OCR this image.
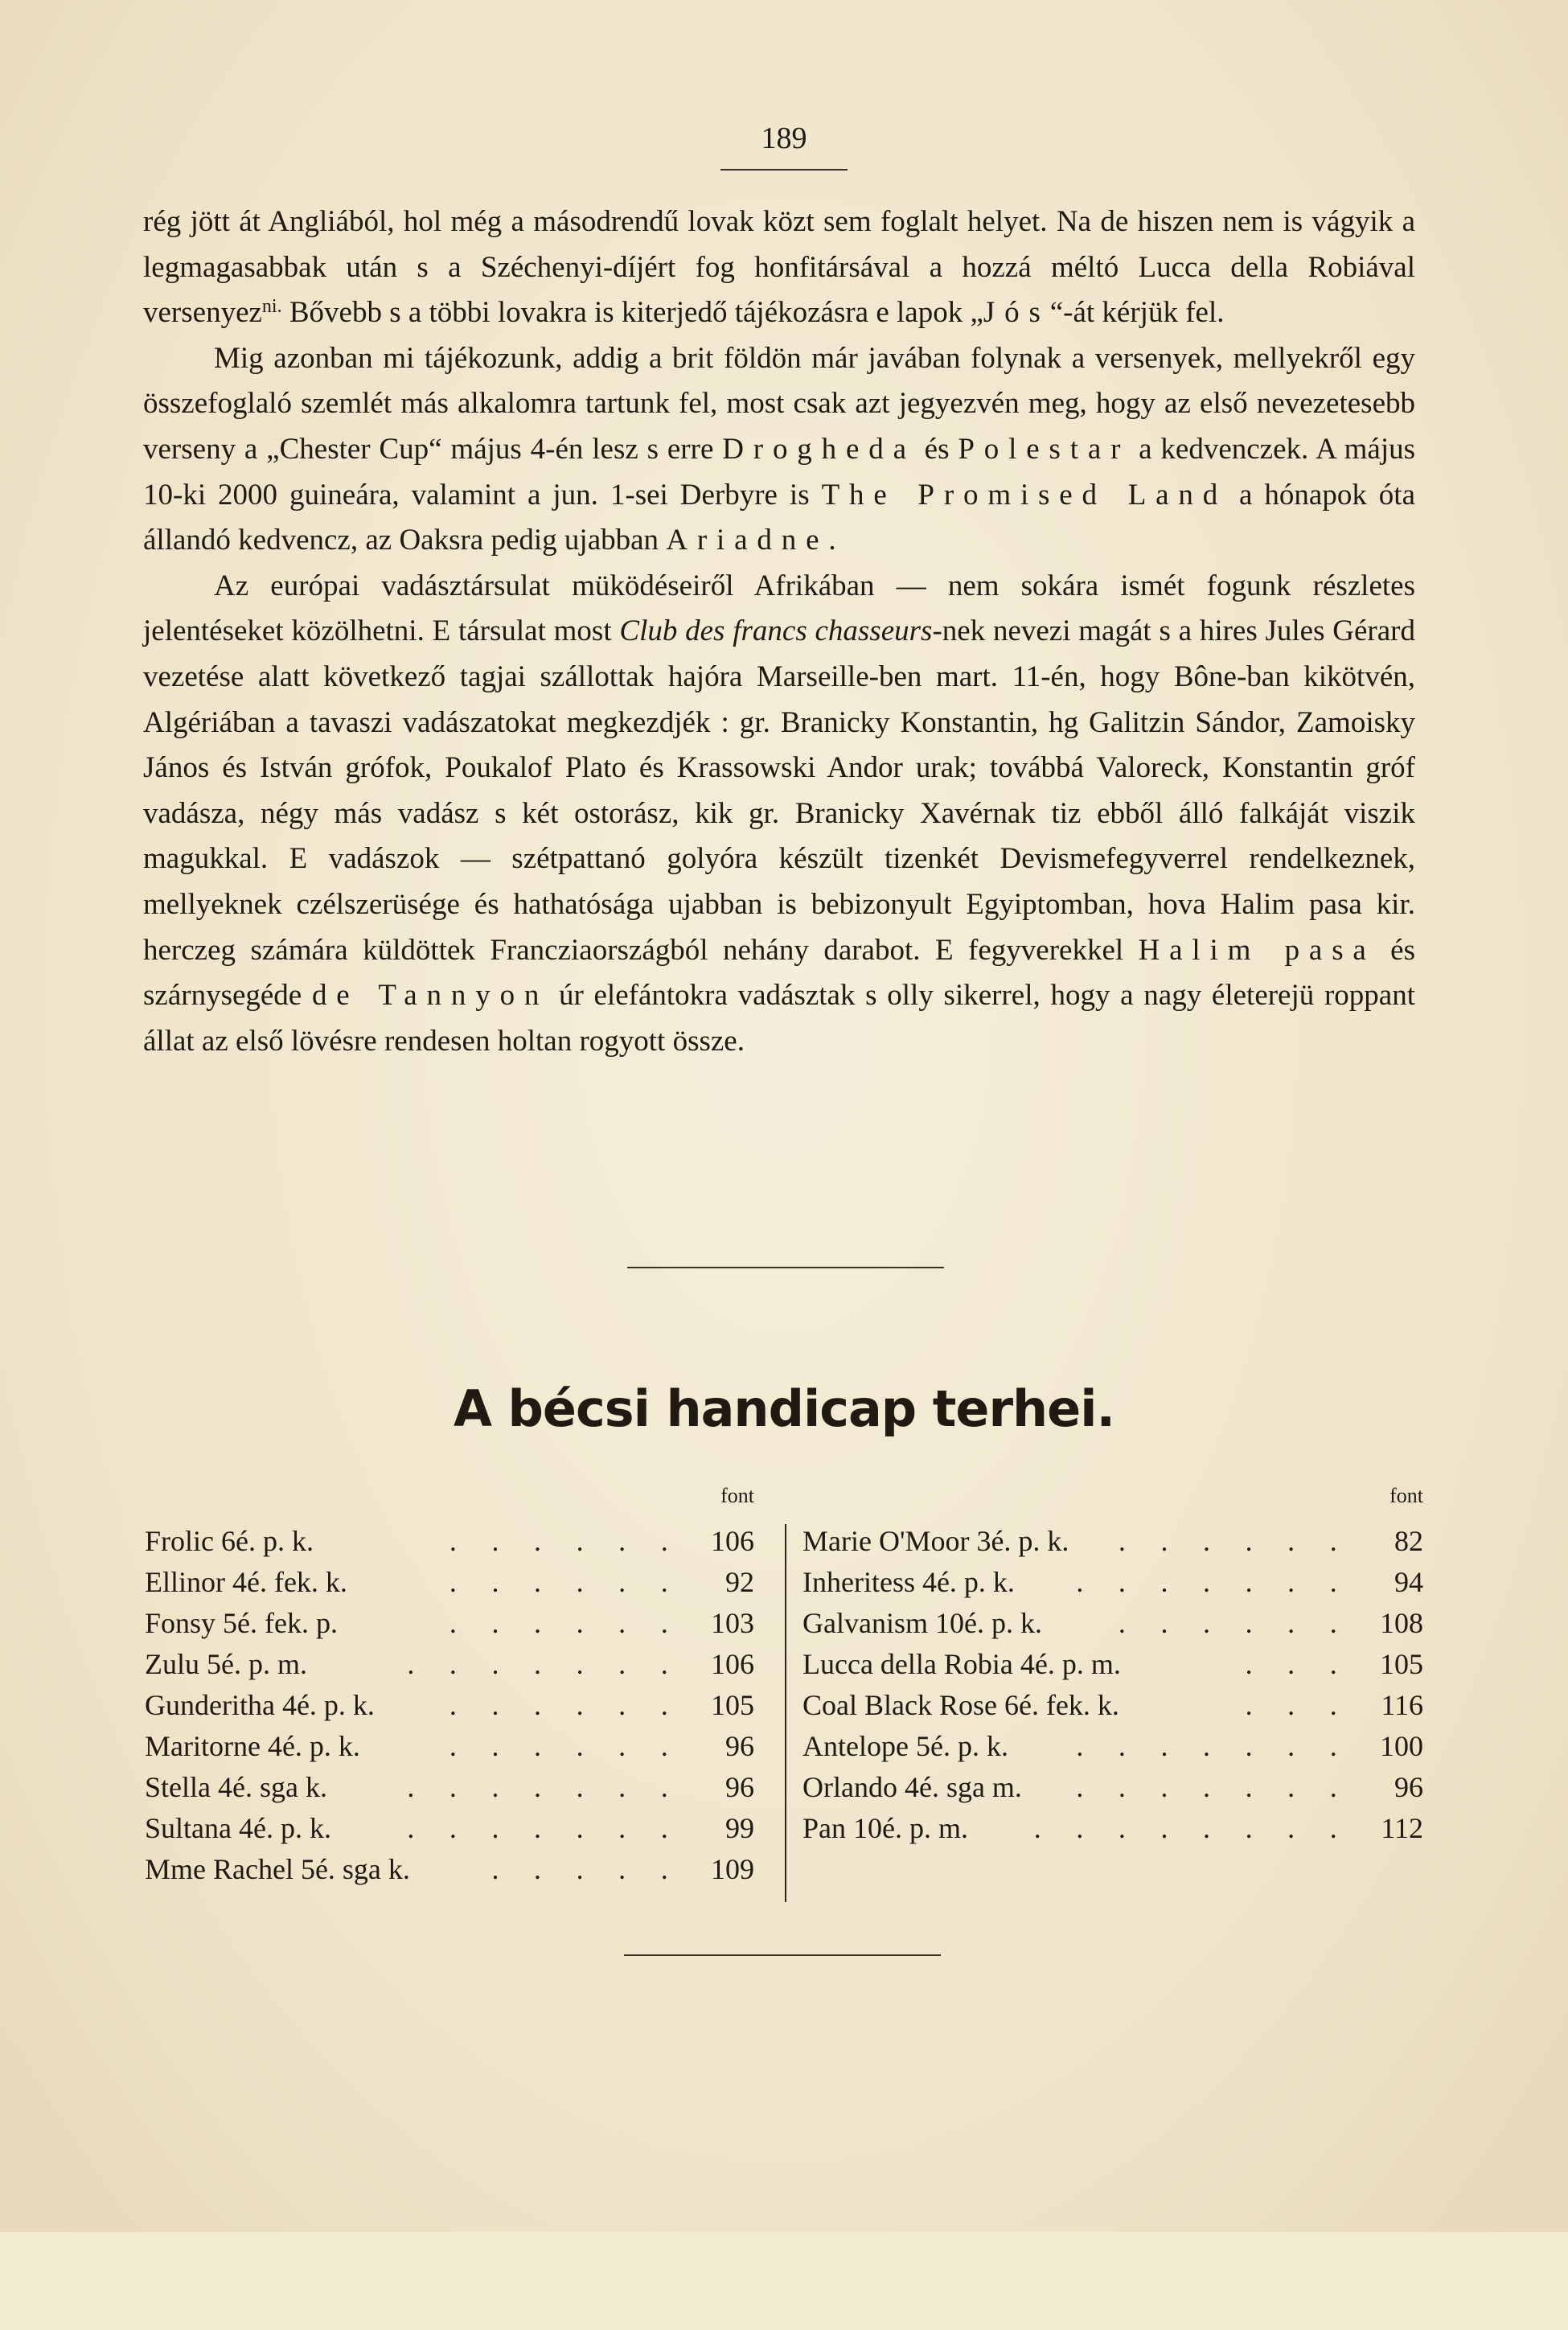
189

rég jött át Angliából, hol még a másodrendű lovak közt sem foglalt helyet. Na de hiszen nem is vágyik a legmagasabbak után s a Széchenyi-díjért fog honfitársával a hozzá méltó Lucca della Robiával versenyez$^{ni.}$ Bővebb s a többi lovakra is kiterjedő tájékozásra e lapok „Jós“-át kérjük fel.

Mig azonban mi tájékozunk, addig a brit földön már javában folynak a versenyek, mellyekről egy összefoglaló szemlét más alkalomra tartunk fel, most csak azt jegyezvén meg, hogy az első nevezetesebb verseny a „Chester Cup“ május 4-én lesz s erre Drogheda és Polestar a kedvenczek. A május 10-ki 2000 guineára, valamint a jun. 1-sei Derbyre is The Promised Land a hónapok óta állandó kedvencz, az Oaksra pedig ujabban Ariadne.

Az európai vadásztársulat müködéseiről Afrikában — nem sokára ismét fogunk részletes jelentéseket közölhetni. E társulat most Club des francs chasseurs-nek nevezi magát s a hires Jules Gérard vezetése alatt következő tagjai szállottak hajóra Marseille-ben mart. 11-én, hogy Bône-ban kikötvén, Algériában a tavaszi vadászatokat megkezdjék : gr. Branicky Konstantin, hg Galitzin Sándor, Zamoisky János és István grófok, Poukalof Plato és Krassowski Andor urak; továbbá Valoreck, Konstantin gróf vadásza, négy más vadász s két ostorász, kik gr. Branicky Xavérnak tiz ebből álló falkáját viszik magukkal. E vadászok — szétpattanó golyóra készült tizenkét Devismefegyverrel rendelkeznek, mellyeknek czélszerüsége és hathatósága ujabban is bebizonyult Egyiptomban, hova Halim pasa kir. herczeg számára küldöttek Francziaországból nehány darabot. E fegyverekkel Halim pasa és szárnysegéde de Tannyon úr elefántokra vadásztak s olly sikerrel, hogy a nagy életerejü roppant állat az első lövésre rendesen holtan rogyott össze.

A bécsi handicap terhei.
font
. . . . . .
Frolic 6é. p. k.	106
. . . . . .
Ellinor 4é. fek. k.	92
. . . . . .
Fonsy 5é. fek. p.	103
. . . . . . .
Zulu 5é. p. m.	106
. . . . . .
Gunderitha 4é. p. k.	105
. . . . . .
Maritorne 4é. p. k.	96
. . . . . . .
Stella 4é. sga k.	96
. . . . . . .
Sultana 4é. p. k.	99
. . . . .
Mme Rachel 5é. sga k.	109
font
. . . . . .
Marie O'Moor 3é. p. k.	82
. . . . . . .
Inheritess 4é. p. k.	94
. . . . . .
Galvanism 10é. p. k.	108
. . .
Lucca della Robia 4é. p. m.	105
. . .
Coal Black Rose 6é. fek. k.	116
. . . . . . .
Antelope 5é. p. k.	100
. . . . . . .
Orlando 4é. sga m.	96
. . . . . . . .
Pan 10é. p. m.	112
